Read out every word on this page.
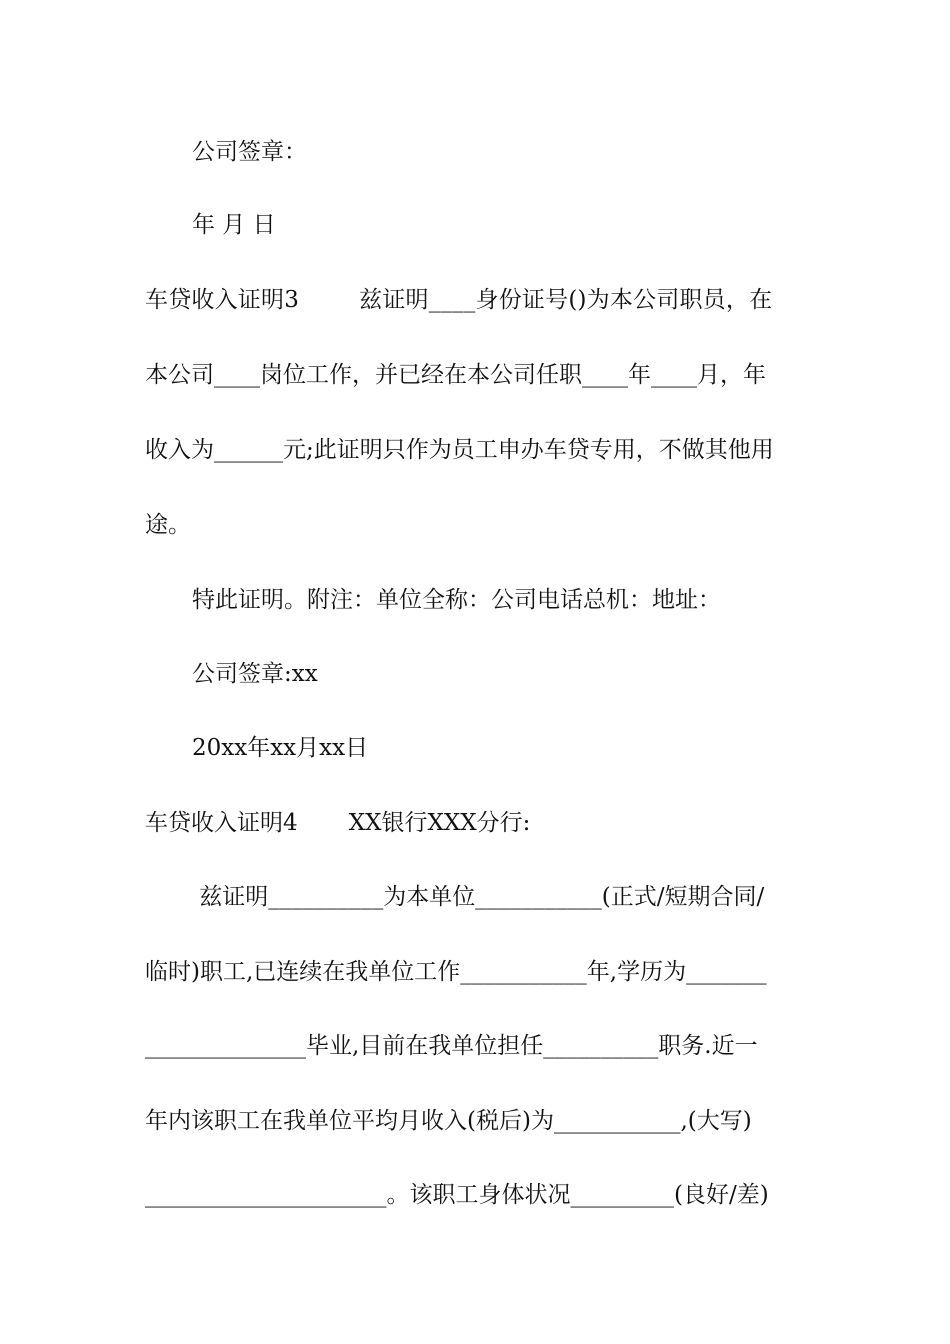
公司签章：
年 月 日
车贷收入证明3        兹证明____身份证号()为本公司职员，在
本公司____岗位工作，并已经在本公司任职____年____月，年
收入为______元;此证明只作为员工申办车贷专用，不做其他用
途。
特此证明。附注：单位全称：公司电话总机：地址：
公司签章:xx
20xx年xx月xx日
车贷收入证明4       XX银行XXX分行:
兹证明__________为本单位___________(正式/短期合同/
临时)职工,已连续在我单位工作___________年,学历为_______
______________毕业,目前在我单位担任__________职务.近一
年内该职工在我单位平均月收入(税后)为___________,(大写)
_____________________。该职工身体状况_________(良好/差)
